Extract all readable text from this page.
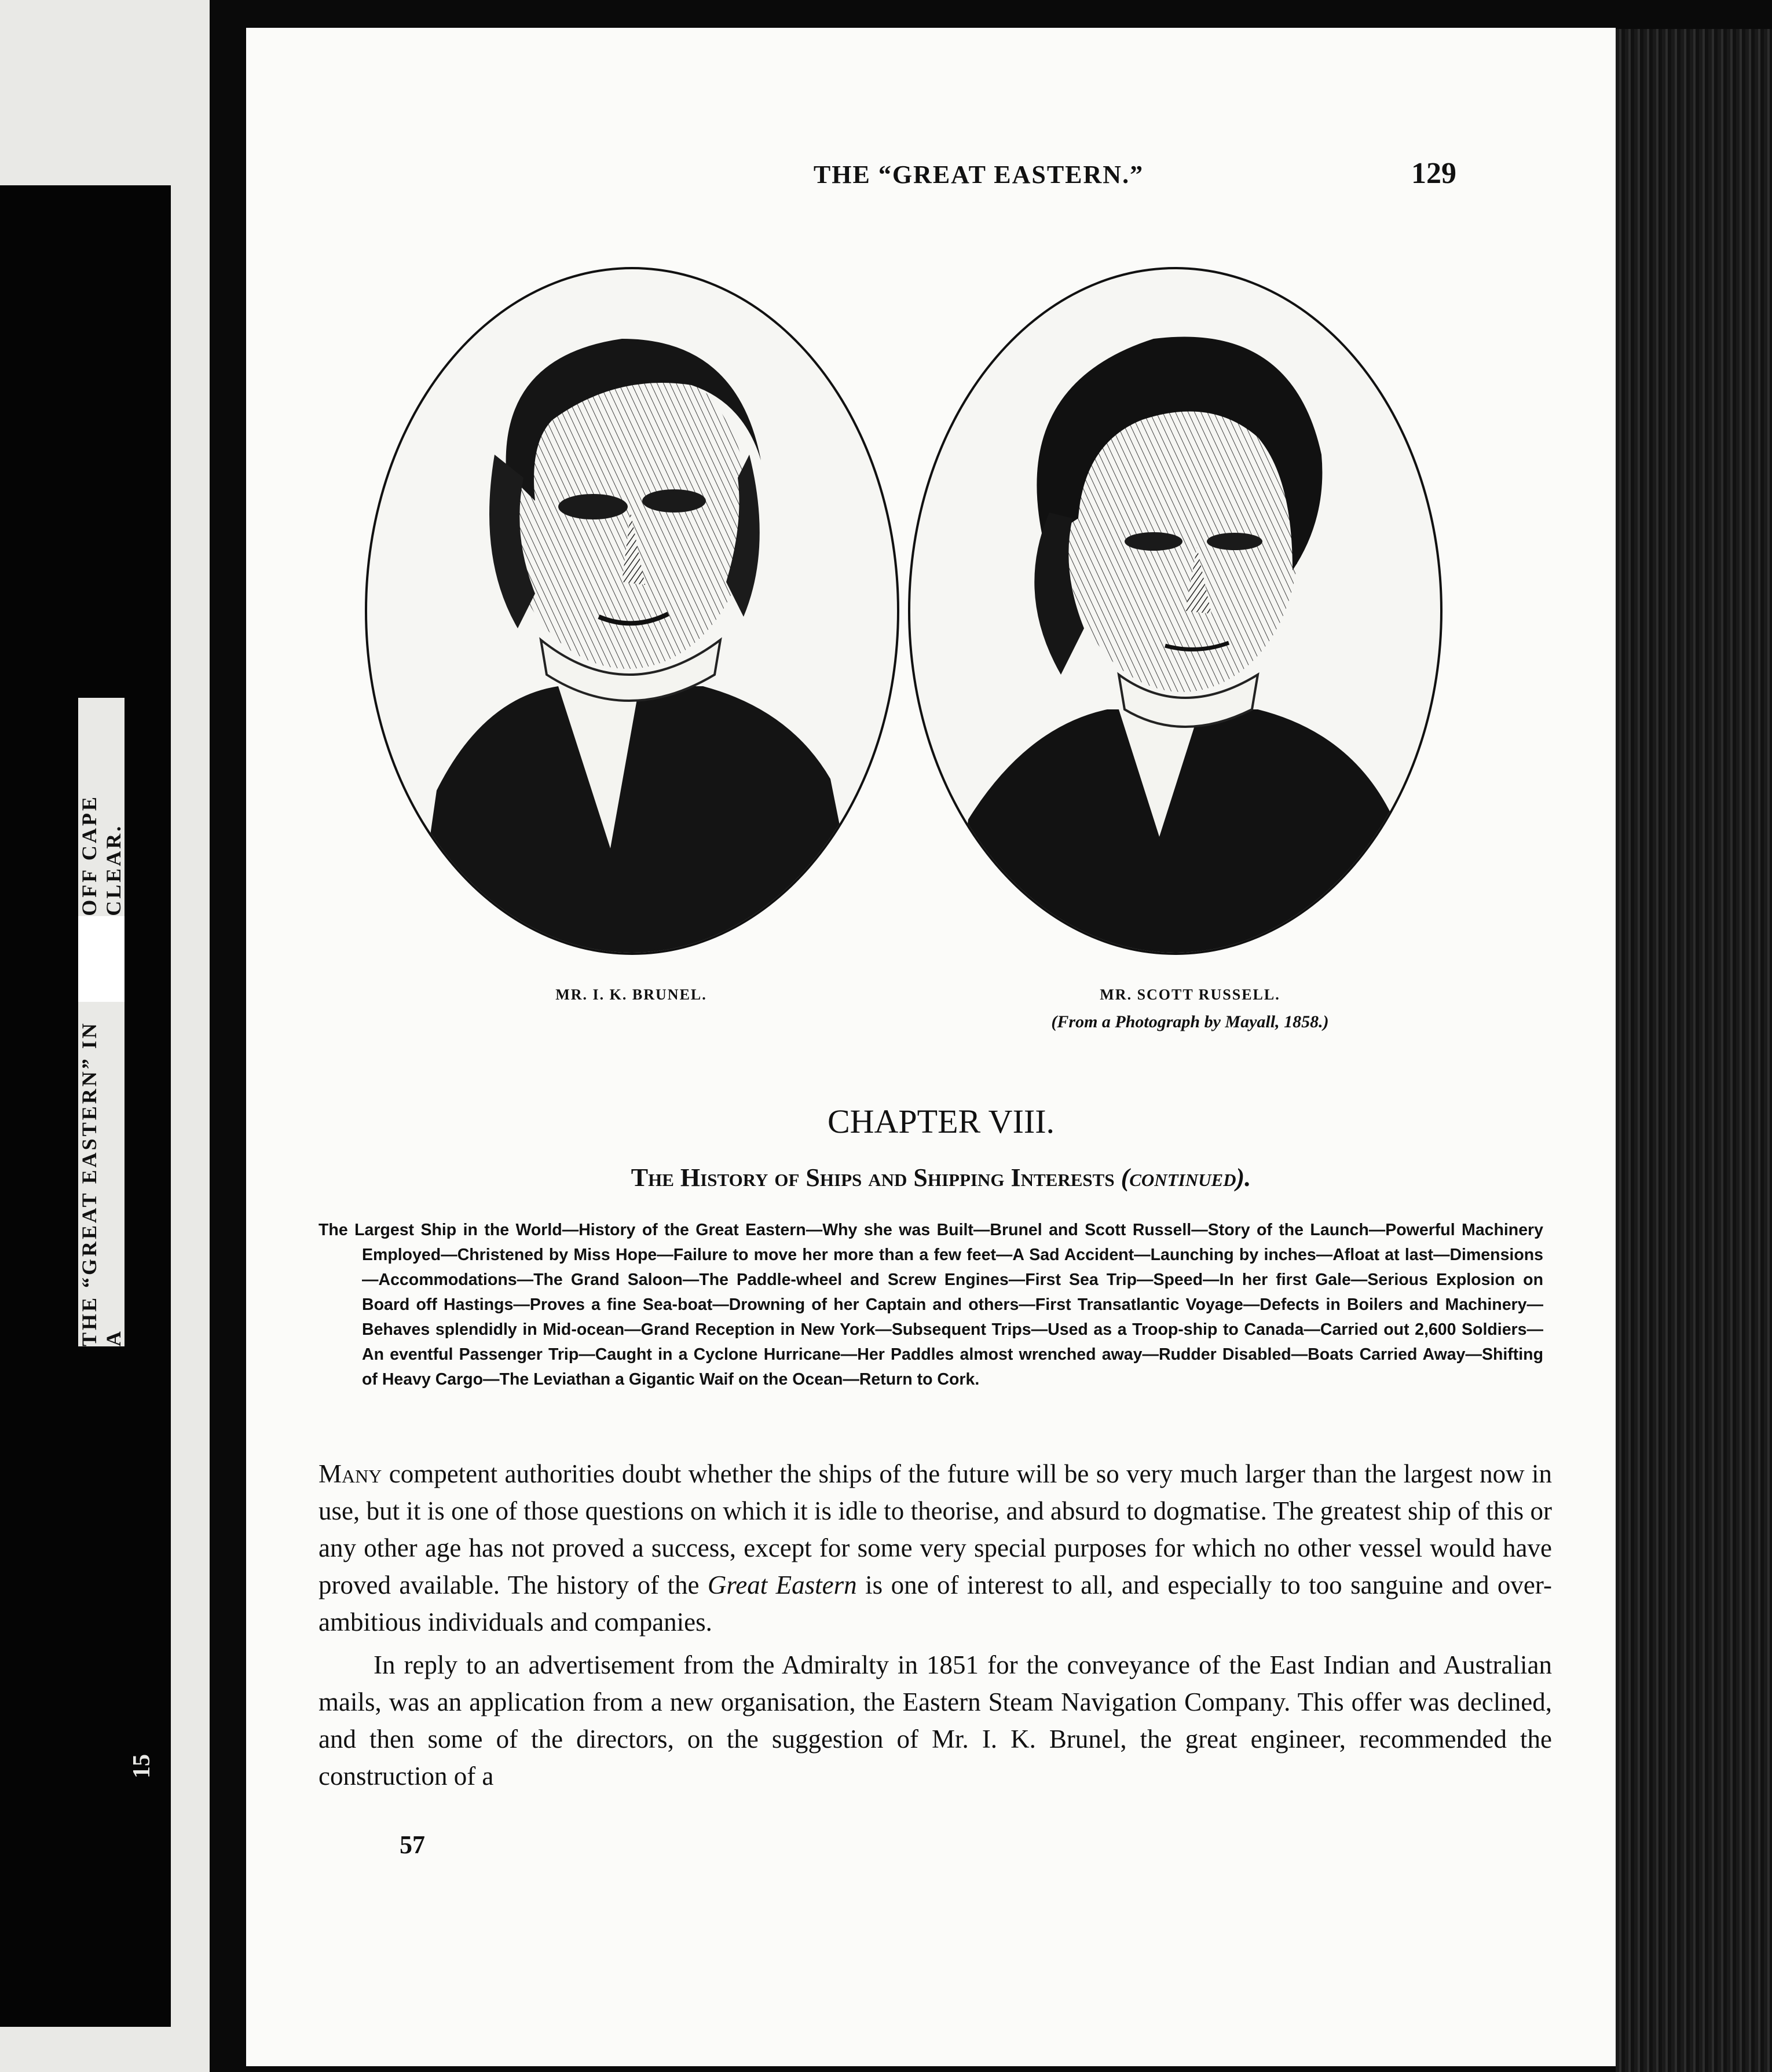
THE “GREAT EASTERN” IN A
OFF CAPE CLEAR.
15
THE “GREAT EASTERN.”	129
MR. I. K. BRUNEL.	MR. SCOTT RUSSELL.
(From a Photograph by Mayall, 1858.)
CHAPTER VIII.
The History of Ships and Shipping Interests (continued).
The Largest Ship in the World—History of the Great Eastern—Why she was Built—Brunel and Scott Russell—Story of the Launch—Powerful Machinery Employed—Christened by Miss Hope—Failure to move her more than a few feet—A Sad Accident—Launching by inches—Afloat at last—Dimensions—Accommodations—The Grand Saloon—The Paddle-wheel and Screw Engines—First Sea Trip—Speed—In her first Gale—Serious Explosion on Board off Hastings—Proves a fine Sea-boat—Drowning of her Captain and others—First Transatlantic Voyage—Defects in Boilers and Machinery—Behaves splendidly in Mid-ocean—Grand Reception in New York—Subsequent Trips—Used as a Troop-ship to Canada—Carried out 2,600 Soldiers—An eventful Passenger Trip—Caught in a Cyclone Hurricane—Her Paddles almost wrenched away—Rudder Disabled—Boats Carried Away—Shifting of Heavy Cargo—The Leviathan a Gigantic Waif on the Ocean—Return to Cork.

Many competent authorities doubt whether the ships of the future will be so very much larger than the largest now in use, but it is one of those questions on which it is idle to theorise, and absurd to dogmatise. The greatest ship of this or any other age has not proved a success, except for some very special purposes for which no other vessel would have proved available. The history of the Great Eastern is one of interest to all, and especially to too sanguine and over-ambitious individuals and companies.

In reply to an advertisement from the Admiralty in 1851 for the conveyance of the East Indian and Australian mails, was an application from a new organisation, the Eastern Steam Navigation Company. This offer was declined, and then some of the directors, on the suggestion of Mr. I. K. Brunel, the great engineer, recommended the construction of a

57
